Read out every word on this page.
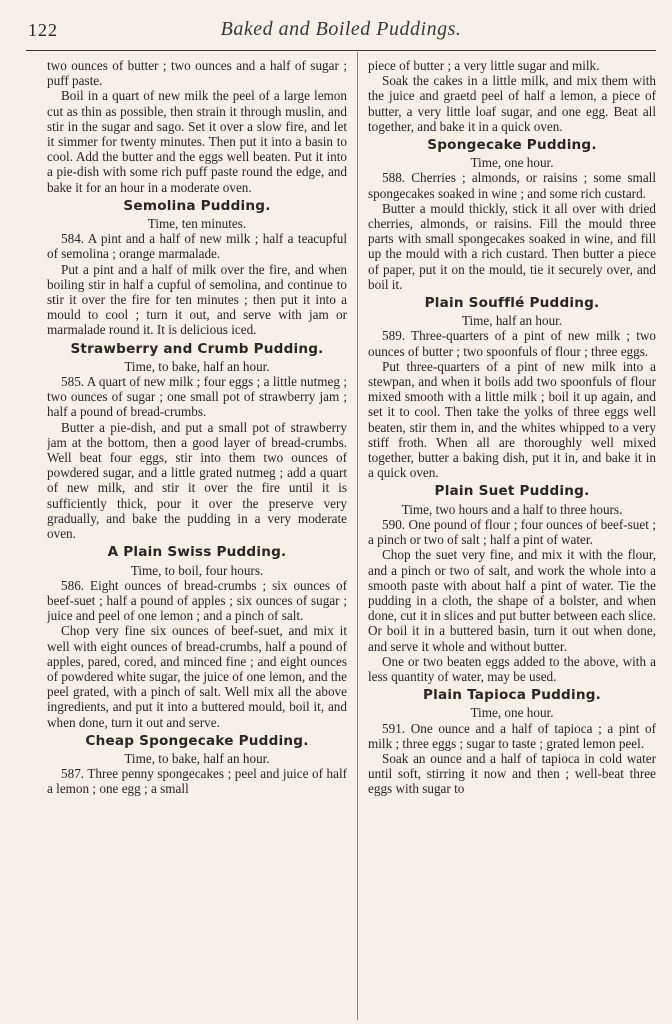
122	Baked and Boiled Puddings.

two ounces of butter ; two ounces and a half of sugar ; puff paste.

Boil in a quart of new milk the peel of a large lemon cut as thin as possible, then strain it through muslin, and stir in the sugar and sago. Set it over a slow fire, and let it simmer for twenty minutes. Then put it into a basin to cool. Add the butter and the eggs well beaten. Put it into a pie-dish with some rich puff paste round the edge, and bake it for an hour in a moderate oven.

Semolina Pudding.

Time, ten minutes.

584. A pint and a half of new milk ; half a teacupful of semolina ; orange marmalade.

Put a pint and a half of milk over the fire, and when boiling stir in half a cupful of semolina, and continue to stir it over the fire for ten minutes ; then put it into a mould to cool ; turn it out, and serve with jam or marmalade round it. It is delicious iced.

Strawberry and Crumb Pudding.

Time, to bake, half an hour.

585. A quart of new milk ; four eggs ; a little nutmeg ; two ounces of sugar ; one small pot of strawberry jam ; half a pound of bread-crumbs.

Butter a pie-dish, and put a small pot of strawberry jam at the bottom, then a good layer of bread-crumbs. Well beat four eggs, stir into them two ounces of powdered sugar, and a little grated nutmeg ; add a quart of new milk, and stir it over the fire until it is sufficiently thick, pour it over the preserve very gradually, and bake the pudding in a very moderate oven.

A Plain Swiss Pudding.

Time, to boil, four hours.

586. Eight ounces of bread-crumbs ; six ounces of beef-suet ; half a pound of apples ; six ounces of sugar ; juice and peel of one lemon ; and a pinch of salt.

Chop very fine six ounces of beef-suet, and mix it well with eight ounces of bread-crumbs, half a pound of apples, pared, cored, and minced fine ; and eight ounces of powdered white sugar, the juice of one lemon, and the peel grated, with a pinch of salt. Well mix all the above ingredients, and put it into a buttered mould, boil it, and when done, turn it out and serve.

Cheap Spongecake Pudding.

Time, to bake, half an hour.

587. Three penny spongecakes ; peel and juice of half a lemon ; one egg ; a small

piece of butter ; a very little sugar and milk.

Soak the cakes in a little milk, and mix them with the juice and graetd peel of half a lemon, a piece of butter, a very little loaf sugar, and one egg. Beat all together, and bake it in a quick oven.

Spongecake Pudding.

Time, one hour.

588. Cherries ; almonds, or raisins ; some small spongecakes soaked in wine ; and some rich custard.

Butter a mould thickly, stick it all over with dried cherries, almonds, or raisins. Fill the mould three parts with small spongecakes soaked in wine, and fill up the mould with a rich custard. Then butter a piece of paper, put it on the mould, tie it securely over, and boil it.

Plain Soufflé Pudding.

Time, half an hour.

589. Three-quarters of a pint of new milk ; two ounces of butter ; two spoonfuls of flour ; three eggs.

Put three-quarters of a pint of new milk into a stewpan, and when it boils add two spoonfuls of flour mixed smooth with a little milk ; boil it up again, and set it to cool. Then take the yolks of three eggs well beaten, stir them in, and the whites whipped to a very stiff froth. When all are thoroughly well mixed together, butter a baking dish, put it in, and bake it in a quick oven.

Plain Suet Pudding.

Time, two hours and a half to three hours.

590. One pound of flour ; four ounces of beef-suet ; a pinch or two of salt ; half a pint of water.

Chop the suet very fine, and mix it with the flour, and a pinch or two of salt, and work the whole into a smooth paste with about half a pint of water. Tie the pudding in a cloth, the shape of a bolster, and when done, cut it in slices and put butter between each slice. Or boil it in a buttered basin, turn it out when done, and serve it whole and without butter.

One or two beaten eggs added to the above, with a less quantity of water, may be used.

Plain Tapioca Pudding.

Time, one hour.

591. One ounce and a half of tapioca ; a pint of milk ; three eggs ; sugar to taste ; grated lemon peel.

Soak an ounce and a half of tapioca in cold water until soft, stirring it now and then ; well-beat three eggs with sugar to
